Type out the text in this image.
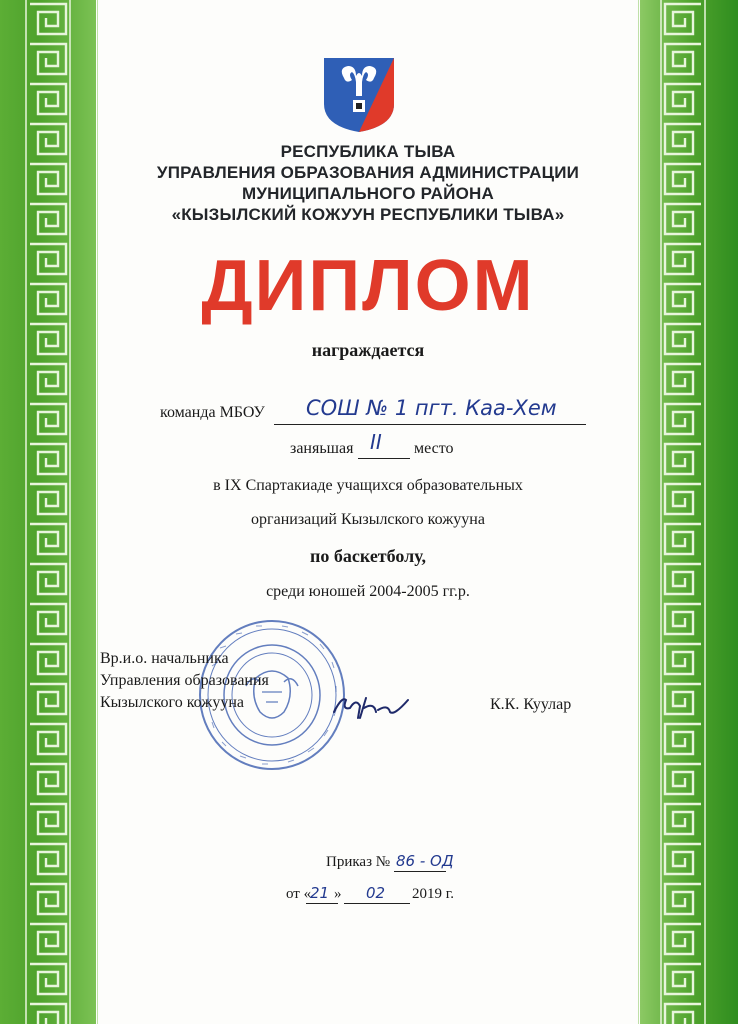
РЕСПУБЛИКА ТЫВА
УПРАВЛЕНИЯ ОБРАЗОВАНИЯ АДМИНИСТРАЦИИ
МУНИЦИПАЛЬНОГО РАЙОНА
«КЫЗЫЛСКИЙ КОЖУУН РЕСПУБЛИКИ ТЫВА»
ДИПЛОМ
награждается
команда МБОУ СОШ № 1 пгт. Каа-Хем
заняьшая II место
в IX Спартакиаде учащихся образовательных
организаций Кызылского кожууна
по баскетболу,
среди юношей 2004-2005 гг.р.
Вр.и.о. начальника
Управления образования
Кызылского кожууна	К.К. Куулар
Приказ № 86 - ОД
от «
21 » 02 2019 г.
